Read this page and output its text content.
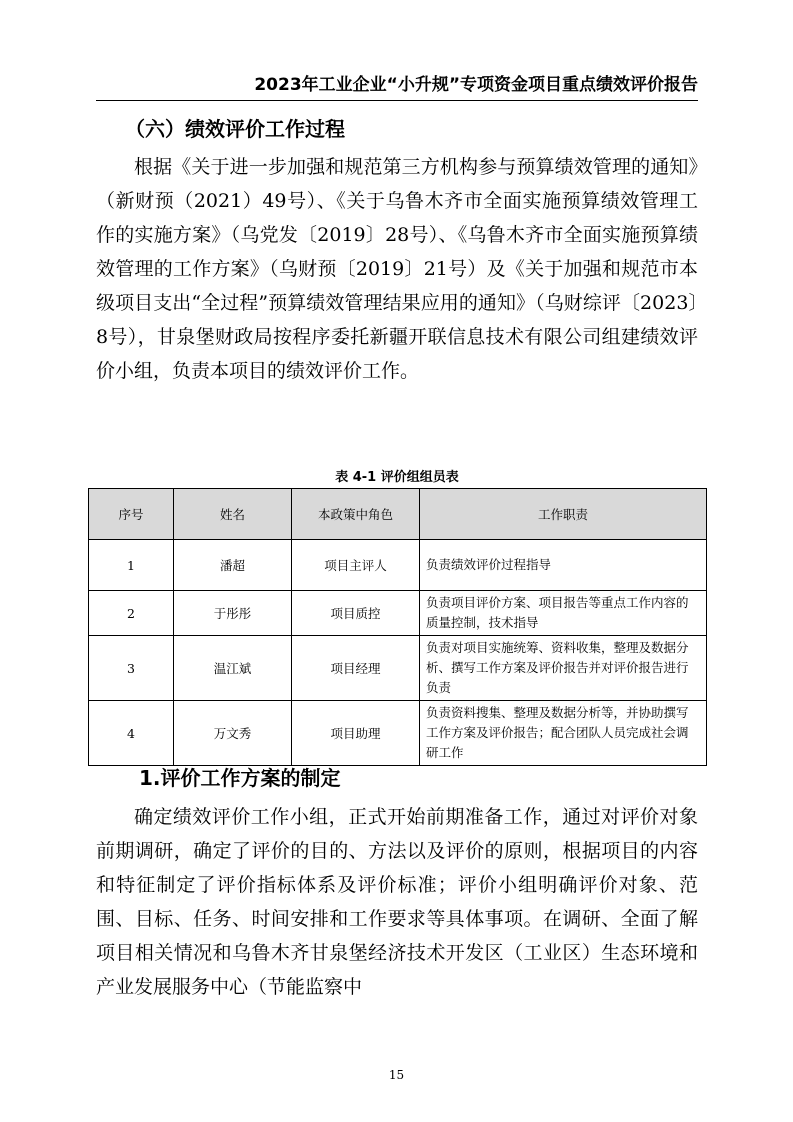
2023年工业企业“小升规”专项资金项目重点绩效评价报告
（六）绩效评价工作过程

根据《关于进一步加强和规范第三方机构参与预算绩效管理的通知》（新财预（2021）49号）、《关于乌鲁木齐市全面实施预算绩效管理工作的实施方案》（乌党发〔2019〕28号）、《乌鲁木齐市全面实施预算绩效管理的工作方案》（乌财预〔2019〕21号）及《关于加强和规范市本级项目支出“全过程”预算绩效管理结果应用的通知》（乌财综评〔2023〕8号），甘泉堡财政局按程序委托新疆开联信息技术有限公司组建绩效评价小组，负责本项目的绩效评价工作。

表 4-1 评价组组员表
序号	姓名	本政策中角色	工作职责
1	潘超	项目主评人	负责绩效评价过程指导
2	于彤彤	项目质控	负责项目评价方案、项目报告等重点工作内容的质量控制，技术指导
3	温江斌	项目经理	负责对项目实施统筹、资料收集，整理及数据分析、撰写工作方案及评价报告并对评价报告进行负责
4	万文秀	项目助理	负责资料搜集、整理及数据分析等，并协助撰写工作方案及评价报告；配合团队人员完成社会调研工作
1.评价工作方案的制定

确定绩效评价工作小组，正式开始前期准备工作，通过对评价对象前期调研，确定了评价的目的、方法以及评价的原则，根据项目的内容和特征制定了评价指标体系及评价标准；评价小组明确评价对象、范围、目标、任务、时间安排和工作要求等具体事项。在调研、全面了解项目相关情况和乌鲁木齐甘泉堡经济技术开发区（工业区）生态环境和产业发展服务中心（节能监察中

15
